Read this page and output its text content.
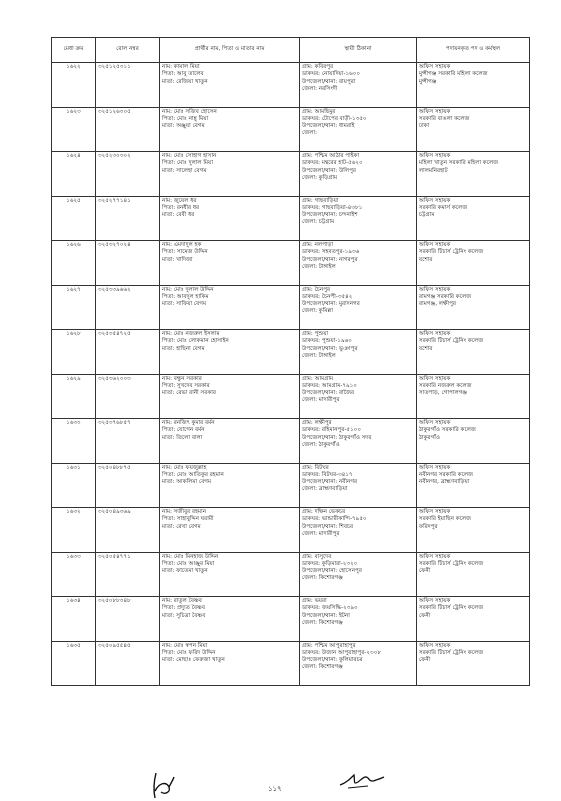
মেধা ক্রম	রোল নম্বর	প্রার্থীর নাম, পিতা ও মাতার নাম	স্থায়ী ঠিকানা	পদায়নকৃত পদ ও কর্মস্থল
১৬২২	৩২৫১২৫৩১১	নাম: কামাল মিয়া
পিতা: আবু তালেব
মাতা: রেজিয়া খাতুন	গ্রাম: কবিরপুর
ডাকঘর: নোয়াদিয়া-১৬০০
উপজেলা/থানা: রায়পুরা
জেলা: নরসিংদী	অফিস সহায়ক
মুন্সীগঞ্জ সরকারি মহিলা কলেজ
মুন্সীগঞ্জ

১৬২৩	৩২৫১২৬৩০৫	নাম: মোঃ সজিব হোসেন
পিতা: মোঃ নান্নু মিয়া
মাতা: অঞ্জুয়া বেগম	গ্রাম: আমছিমুর
ডাকঘর: টোপের বাড়ী-১৩৫০
উপজেলা/থানা: ধামরাই
জেলা:	অফিস সহায়ক
সরকারি বাঙলা কলেজ
ঢাকা

১৬২৪	৩২৫২৩০৩০২	নাম: মোঃ সোহাগ হাসান
পিতা: মোঃ দুলাল মিয়া
মাতা: সালেহা বেগম	গ্রাম: পশ্চিম আঠার পাইকা
ডাকঘর: মন্থরের হাট-৫৬২০
উপজেলা/থানা: উলিপুর
জেলা: কুড়িগ্রাম	অফিস সহায়ক
মহিলা খাতুন সরকারি মহিলা কলেজ
লালমনিরহাট

১৬২৫	৩২৫২৭৭১৪১	নাম: জুয়েল ধর
পিতা: রনধীর ধর
মাতা: বেবী ধর	গ্রাম: গাছবাড়িয়া
ডাকঘর: গাছবাড়িয়া-৪৩৮১
উপজেলা/থানা: চন্দনাইশ
জেলা: চট্টগ্রাম	অফিস সহায়ক
সরকারি কমার্স কলেজ
চট্টগ্রাম

১৬২৬	৩২৫৩২৭০২৪	নাম: এমদাদুল হক
পিতা: সামেজ উদ্দিন
মাতা: খাদিজা	গ্রাম: নলপাড়া
ডাকঘর: সহবতপুর-১৯৩৬
উপজেলা/থানা: নাগরপুর
জেলা: টাঙ্গাইল	অফিস সহায়ক
সরকারি টিচার্স ট্রেনিং কলেজ
যশোর

১৬২৭	৩২৫৩৩৯৬৬২	নাম: মোঃ দুলাল উদ্দিন
পিতা: আবদুল হাকিম
মাতা: সাফিয়া বেগম	গ্রাম: চৈনপুর
ডাকঘর: চৈনপী-৩৫৪২
উপজেলা/থানা: মুরাদনগর
জেলা: কুমিল্লা	অফিস সহায়ক
রামগঞ্জ সরকারি কলেজ
রামগঞ্জ, লক্ষীপুর

১৬২৮	৩২৫৩৫৪৭২৫	নাম: মোঃ নজরুল ইসলাম
পিতা: মোঃ লোকমান হোসাইন
মাতা: হাছিনা বেগম	গ্রাম: পুশুয়া
ডাকঘর: পুশুয়া-১৯৬০
উপজেলা/থানা: ভুঞাপুর
জেলা: টাঙ্গাইল	অফিস সহায়ক
সরকারি টিচার্স ট্রেনিং কলেজ
যশোর

১৬২৯	৩২৫৩৬২০০৩	নাম: বন্ধুন সরকার
পিতা: সুখদেব সরকার
মাতা: রেভা রানী সরকার	গ্রাম: আমগ্রাম
ডাকঘর: আমগ্রাম-৭৯১০
উপজেলা/থানা: রাজৈর
জেলা: মাদারীপুর	অফিস সহায়ক
সরকারি নজরুল কলেজ
সাতপাড়, গোপালগঞ্জ

১৬৩০	৩২৫৩৭৬৮৫৭	নাম: রনজিৎ কুমার বর্মন
পিতা: যোগেন বর্মন
মাতা: তিলো বালা	গ্রাম: লক্ষীপুর
ডাকঘর: রহিমানপুর-৫১০০
উপজেলা/থানা: ঠাকুরগাঁও সদর
জেলা: ঠাকুরগাঁও	অফিস সহায়ক
ঠাকুরগাঁও সরকারি কলেজ
ঠাকুরগাঁও

১৬৩১	৩২৫০৪৮৮৭৫	নাম: মোঃ ফয়জুল্লাহ
পিতা: মোঃ আতিকুর রহমান
মাতা: আকলিমা বেগম	গ্রাম: বিটঘর
ডাকঘর: বিটঘর-৩৪১৭
উপজেলা/থানা: নবীনগর
জেলা: ব্রাহ্মণবাড়িয়া	অফিস সহায়ক
নবীনগর সরকারি কলেজ
নবীনগর, ব্রাহ্মণবাড়িয়া

১৬৩২	৩২৫০৪৯৩৬৯	নাম: সজীবুর রহমান
পিতা: সাহাবুদ্দিন ঘরামী
মাতা: রেখা বেগম	গ্রাম: দক্ষিন ভেকচর
ডাকঘর: ভান্ডারীকান্দি-৭৯৫০
উপজেলা/থানা: শিবচর
জেলা: মাদারীপুর	অফিস সহায়ক
সরকারি ইয়াছিন কলেজ
ফরিদপুর

১৬৩৩	৩২৫০৫৪৭৭১	নাম: মোঃ মিনহাজ উদ্দিন
পিতা: মোঃ আঞ্জুর মিয়া
মাতা: ফাতেমা খাতুন	গ্রাম: বাসুদেব
ডাকঘর: কুড়িমারা-২৩২০
উপজেলা/থানা: হোসেনপুর
জেলা: কিশোরগঞ্জ	অফিস সহায়ক
সরকারি টিচার্স ট্রেনিং কলেজ
ফেনী

১৬৩৪	৩২৫০৮৮৩৪৮	নাম: রাতুল বৈষ্ণব
পিতা: প্রদ্যুত বৈষ্ণব
মাতা: সুচিত্রা বৈষ্ণব	গ্রাম: ভয়রা
ডাকঘর: জয়সিদ্ধি-২৩৯০
উপজেলা/থানা: ইটনা
জেলা: কিশোরগঞ্জ	অফিস সহায়ক
সরকারি টিচার্স ট্রেনিং কলেজ
ফেনী

১৬৩৫	৩২৫০৯৫৫৪৫	নাম: মোঃ স্বপন মিয়া
পিতা: মোঃ ফরিদ উদ্দিন
মাতা: মোছাঃ ফেরুজা খাতুন	গ্রাম: পশ্চিম আপুরাহাপুর
ডাকঘর: উজান আপুরাহাপুর-২৩০৮
উপজেলা/থানা: কুলিয়ারচর
জেলা: কিশোরগঞ্জ	অফিস সহায়ক
সরকারি টিচার্স ট্রেনিং কলেজ
ফেনী
১১৭
